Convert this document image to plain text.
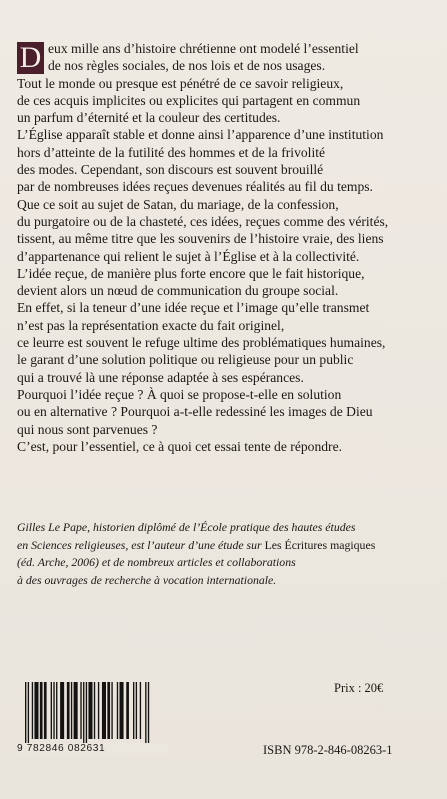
D eux mille ans d’histoire chrétienne ont modelé l’essentiel

de nos règles sociales, de nos lois et de nos usages.

Tout le monde ou presque est pénétré de ce savoir religieux,

de ces acquis implicites ou explicites qui partagent en commun

un parfum d’éternité et la couleur des certitudes.

L’Église apparaît stable et donne ainsi l’apparence d’une institution

hors d’atteinte de la futilité des hommes et de la frivolité

des modes. Cependant, son discours est souvent brouillé

par de nombreuses idées reçues devenues réalités au fil du temps.

Que ce soit au sujet de Satan, du mariage, de la confession,

du purgatoire ou de la chasteté, ces idées, reçues comme des vérités,

tissent, au même titre que les souvenirs de l’histoire vraie, des liens

d’appartenance qui relient le sujet à l’Église et à la collectivité.

L’idée reçue, de manière plus forte encore que le fait historique,

devient alors un nœud de communication du groupe social.

En effet, si la teneur d’une idée reçue et l’image qu’elle transmet

n’est pas la représentation exacte du fait originel,

ce leurre est souvent le refuge ultime des problématiques humaines,

le garant d’une solution politique ou religieuse pour un public

qui a trouvé là une réponse adaptée à ses espérances.

Pourquoi l’idée reçue ? À quoi se propose-t-elle en solution

ou en alternative ? Pourquoi a-t-elle redessiné les images de Dieu

qui nous sont parvenues ?

C’est, pour l’essentiel, ce à quoi cet essai tente de répondre.

Gilles Le Pape, historien diplômé de l’École pratique des hautes études

en Sciences religieuses, est l’auteur d’une étude sur Les Écritures magiques

(éd. Arche, 2006) et de nombreux articles et collaborations

à des ouvrages de recherche à vocation internationale.

Prix : 20€
9 782846 082631	ISBN 978-2-846-08263-1
